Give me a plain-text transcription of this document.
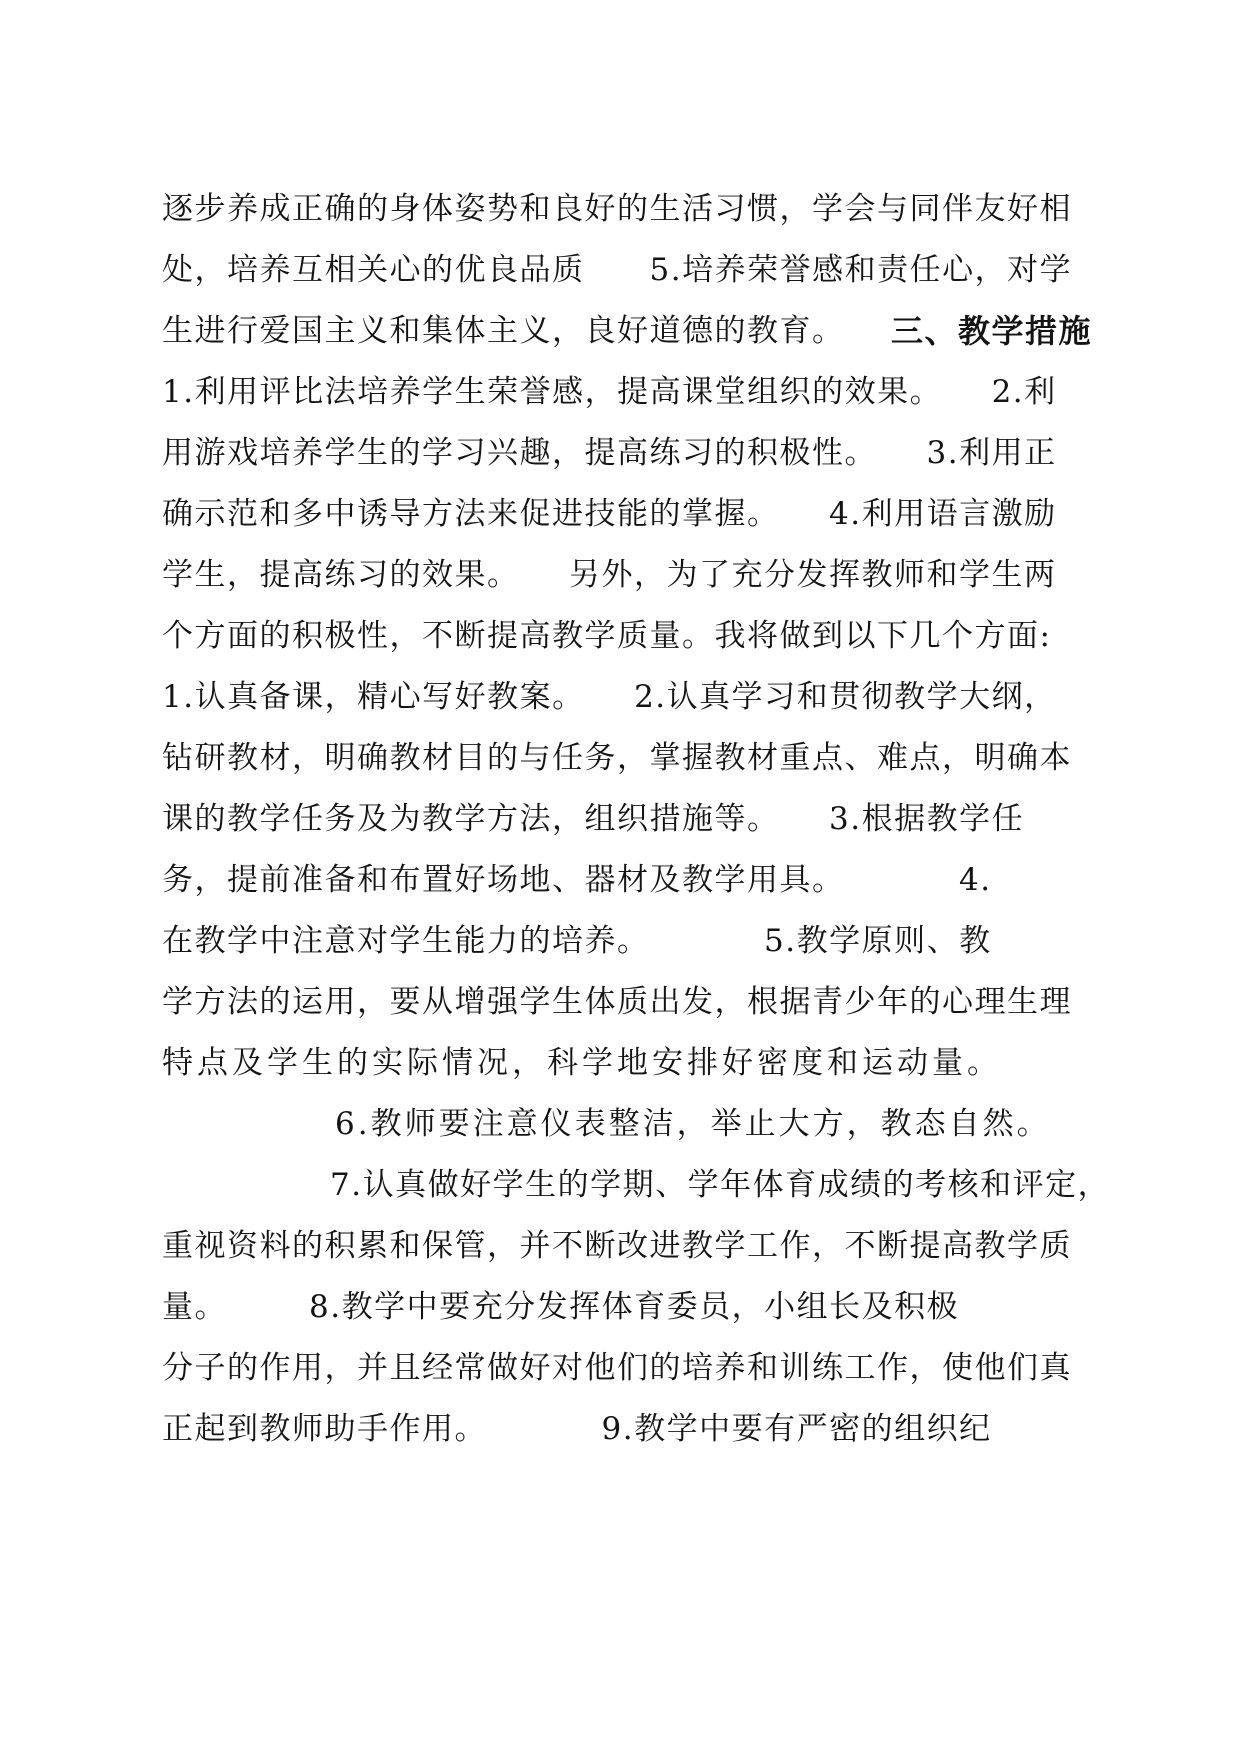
逐步养成正确的身体姿势和良好的生活习惯，学会与同伴友好相
处，培养互相关心的优良品质　　5.培养荣誉感和责任心，对学
生进行爱国主义和集体主义，良好道德的教育。 三、教学措施
1.利用评比法培养学生荣誉感，提高课堂组织的效果。　　2.利
用游戏培养学生的学习兴趣，提高练习的积极性。　　3.利用正
确示范和多中诱导方法来促进技能的掌握。　　4.利用语言激励
学生，提高练习的效果。　　另外，为了充分发挥教师和学生两
个方面的积极性，不断提高教学质量。我将做到以下几个方面:
1.认真备课，精心写好教案。　　2.认真学习和贯彻教学大纲，
钻研教材，明确教材目的与任务，掌握教材重点、难点，明确本
课的教学任务及为教学方法，组织措施等。　　3.根据教学任
务，提前准备和布置好场地、器材及教学用具。　　　　4.
在教学中注意对学生能力的培养。　　　　5.教学原则、教
学方法的运用，要从增强学生体质出发，根据青少年的心理生理
特点及学生的实际情况，科学地安排好密度和运动量。
6.教师要注意仪表整洁，举止大方，教态自然。
7.认真做好学生的学期、学年体育成绩的考核和评定，
重视资料的积累和保管，并不断改进教学工作，不断提高教学质
量。　　　8.教学中要充分发挥体育委员，小组长及积极
分子的作用，并且经常做好对他们的培养和训练工作，使他们真
正起到教师助手作用。　　　　9.教学中要有严密的组织纪
